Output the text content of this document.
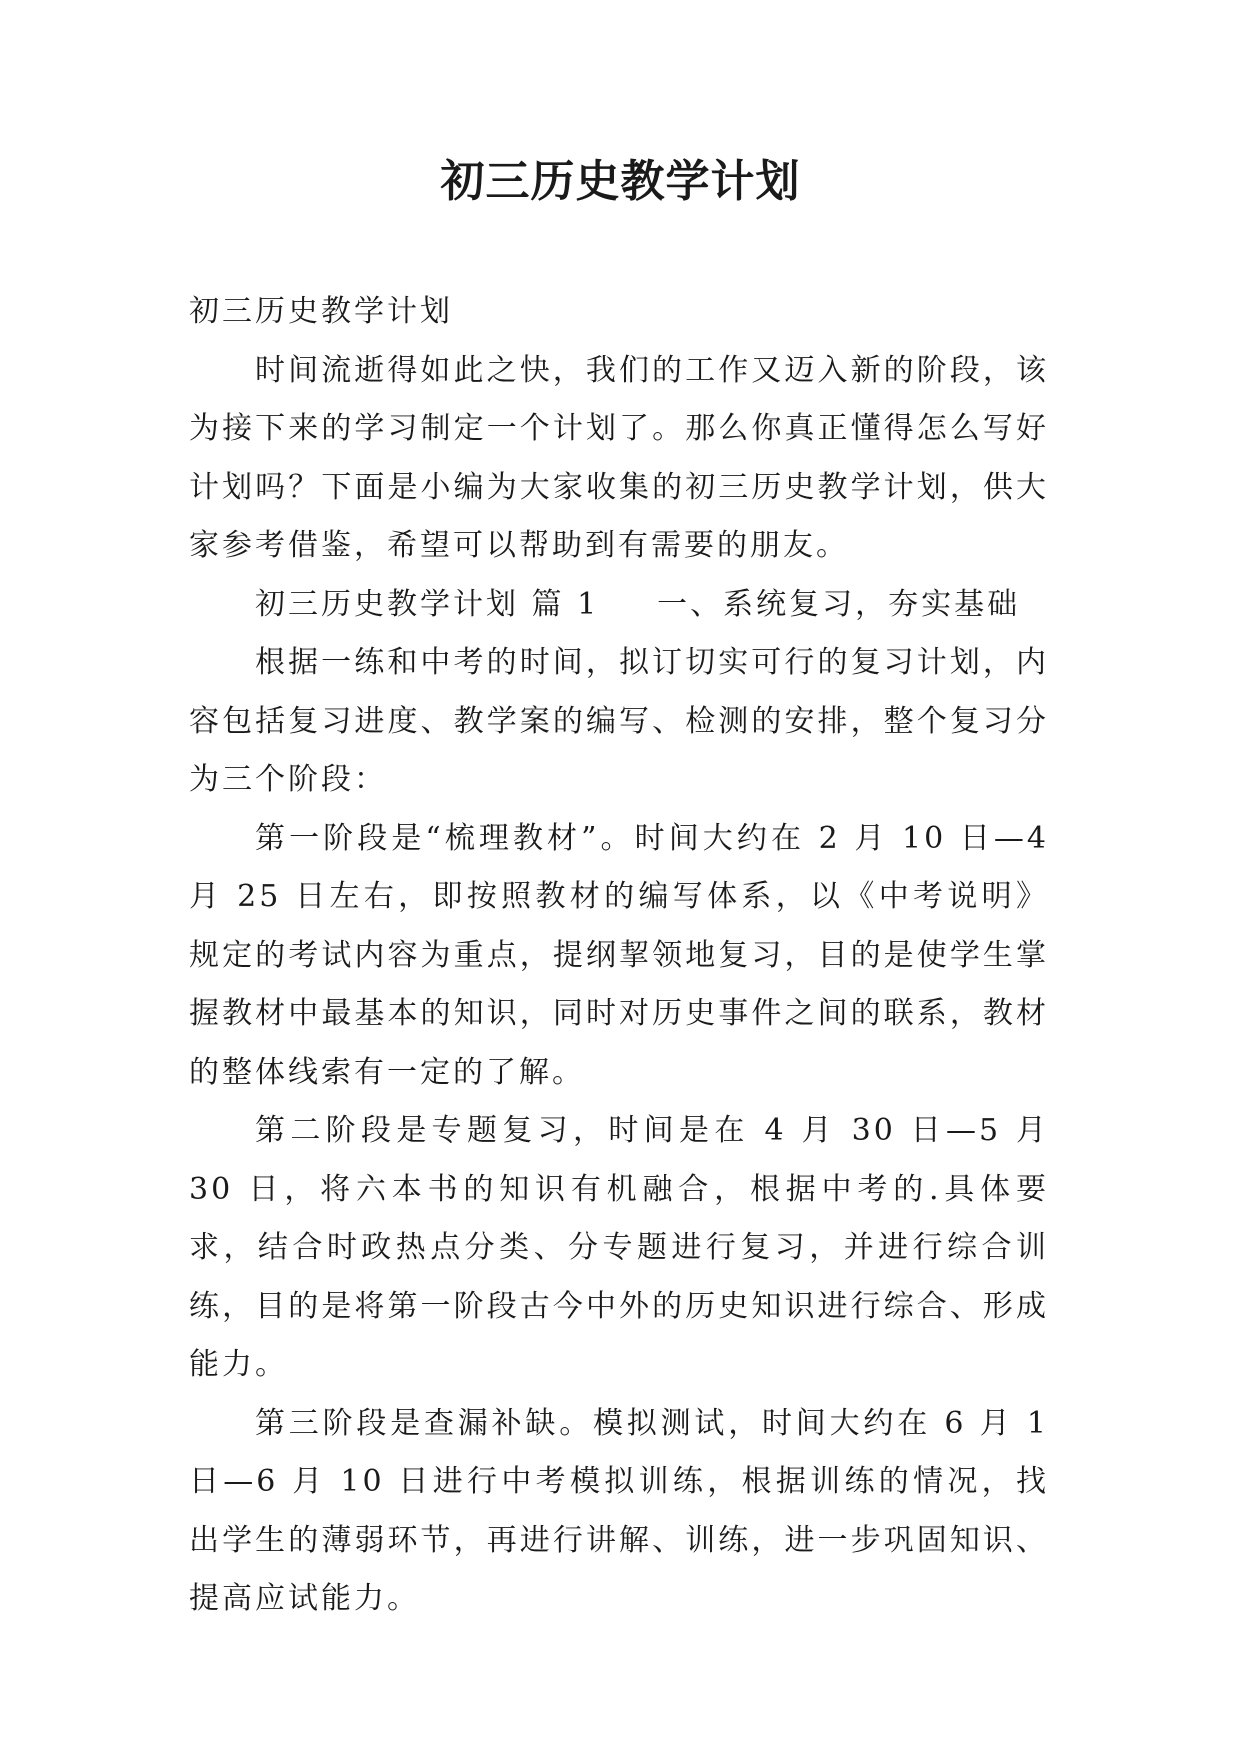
初三历史教学计划

初三历史教学计划

时间流逝得如此之快，我们的工作又迈入新的阶段，该为接下来的学习制定一个计划了。那么你真正懂得怎么写好计划吗？下面是小编为大家收集的初三历史教学计划，供大家参考借鉴，希望可以帮助到有需要的朋友。

初三历史教学计划 篇 1 一、系统复习，夯实基础

根据一练和中考的时间，拟订切实可行的复习计划，内容包括复习进度、教学案的编写、检测的安排，整个复习分为三个阶段：

第一阶段是“梳理教材”。时间大约在 2 月 10 日—4 月 25 日左右，即按照教材的编写体系，以《中考说明》规定的考试内容为重点，提纲挈领地复习，目的是使学生掌握教材中最基本的知识，同时对历史事件之间的联系，教材的整体线索有一定的了解。

第二阶段是专题复习，时间是在 4 月 30 日—5 月 30 日，将六本书的知识有机融合，根据中考的.具体要求，结合时政热点分类、分专题进行复习，并进行综合训练，目的是将第一阶段古今中外的历史知识进行综合、形成能力。

第三阶段是查漏补缺。模拟测试，时间大约在 6 月 1 日—6 月 10 日进行中考模拟训练，根据训练的情况，找出学生的薄弱环节，再进行讲解、训练，进一步巩固知识、提高应试能力。
